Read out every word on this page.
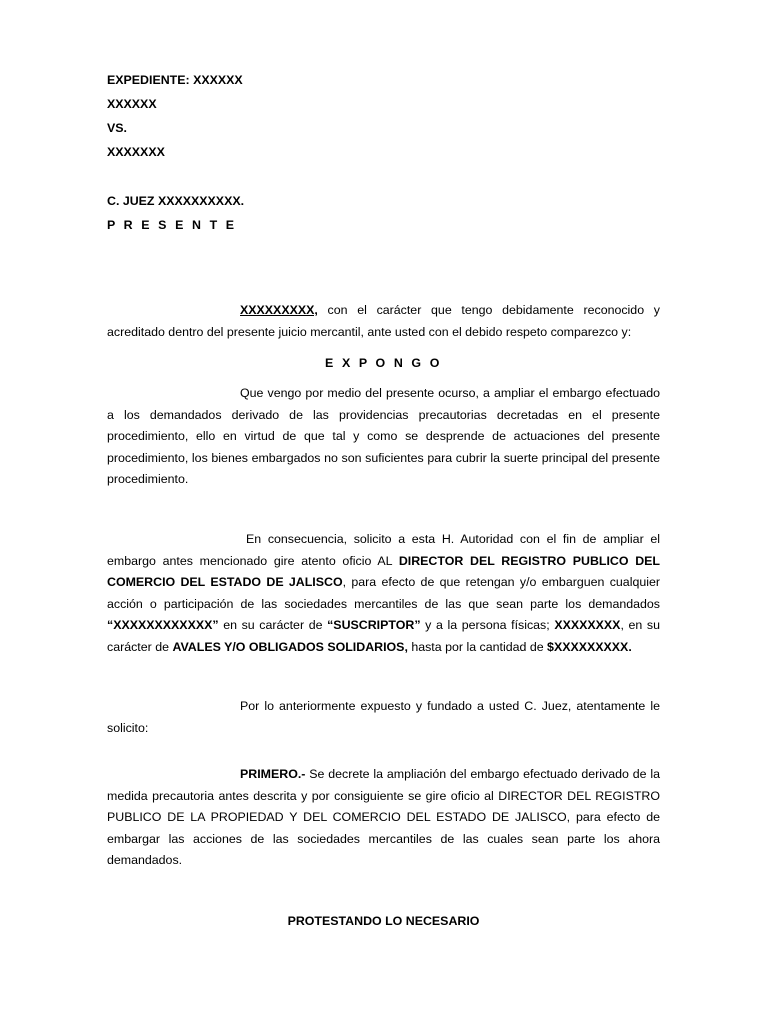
EXPEDIENTE: XXXXXX

XXXXXX

VS.

XXXXXXX

C. JUEZ XXXXXXXXXX.

P R E S E N T E

XXXXXXXXX, con el carácter que tengo debidamente reconocido y
acreditado dentro del presente juicio mercantil, ante usted con el debido respeto comparezco y:

E X P O N G O

Que vengo por medio del presente ocurso, a ampliar el embargo efectuado
a los demandados derivado de las providencias precautorias decretadas en el presente
procedimiento, ello en virtud de que tal y como se desprende de actuaciones del presente
procedimiento, los bienes embargados no son suficientes para cubrir la suerte principal del presente
procedimiento.
En consecuencia, solicito a esta H. Autoridad con el fin de ampliar el
embargo antes mencionado gire atento oficio AL DIRECTOR DEL REGISTRO PUBLICO DEL
COMERCIO DEL ESTADO DE JALISCO, para efecto de que retengan y/o embarguen cualquier
acción o participación de las sociedades mercantiles de las que sean parte los demandados
“XXXXXXXXXXXX” en su carácter de “SUSCRIPTOR” y a la persona físicas; XXXXXXXX, en su
carácter de AVALES Y/O OBLIGADOS SOLIDARIOS, hasta por la cantidad de $XXXXXXXXX.
Por lo anteriormente expuesto y fundado a usted C. Juez, atentamente le
solicito:
PRIMERO.- Se decrete la ampliación del embargo efectuado derivado de la
medida precautoria antes descrita y por consiguiente se gire oficio al DIRECTOR DEL REGISTRO
PUBLICO DE LA PROPIEDAD Y DEL COMERCIO DEL ESTADO DE JALISCO, para efecto de
embargar las acciones de las sociedades mercantiles de las cuales sean parte los ahora
demandados.

PROTESTANDO LO NECESARIO
